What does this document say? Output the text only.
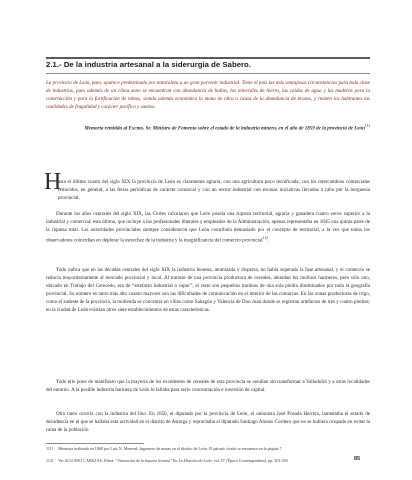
2.1.- De la industria artesanal a la siderurgia de Sabero.

La provincia de León, pues, aparece predestinada por naturaleza a un gran porvenir industrial. Tiene el país las más ventajosas circunstancias para toda clase de industrias, pues además de un clima sano se encuentran con abundancia de hullas, los minerales de hierro, las caídas de agua y las maderas para la construcción y para la fortificación de minas, siendo además económica la mano de obra a causa de la abundancia de brazos, y reúnen los habitantes las cualidades de frugalidad y carácter pacífico y sumiso.

Memoria remitida al Excmo. Sr. Ministro de Fomento sobre el estado de la industria minera, en el año de 1859 de la provincia de León$^{111}$

H

asta el último cuarto del siglo XIX la provincia de León es claramente agraria, con una agricultura poco tecnificada; con los intercambios comerciales reducidos, en general, a las ferias periódicas de carácter comarcal y con un sector industrial con escasas iniciativas llevadas a cabo por la burguesía provincial.

Durante los años centrales del siglo XIX, las Cortes calcularon que León poseía una riqueza territorial, agraria y ganadera cuatro veces superior a la industrial y comercial; esta última, que incluye a los profesionales liberales y empleados de la Administración, apenas representaba en 1845 una quinta parte de la riqueza total. Las autoridades provinciales siempre consideraron que León contribuía demasiado por el concepto de territorial, a la vez que todos los observadores coincidían en deplorar la estrechez de la industria y la insignificancia del comercio provincial$^{112}$.

Todo indica que en las décadas centrales del siglo XIX la industria leonesa, atomizada y dispersa, no había superado la fase artesanal, y el comercio se reducía mayoritariamente al mercado provincial y local. Al tratarse de una provincia productora de cereales, abundan los molinos harineros, pero sólo uno, ubicado en Trobajo del Cerecedo, era de “artefacto industrial a vapor”; el resto son pequeños molinos de una sola piedra diseminados por toda la geografía provincial. Su número es tanto más alto cuanto mayores son las dificultades de comunicación en el interior de las comarcas. En las zonas productoras de trigo, como el sudeste de la provincia, la molienda se concentra en villas como Sahagún y Valencia de Don Juan donde se registran artefactos de tres y cuatro piedras; en la ciudad de León existían otros siete establecimientos de estas características.

Todo ello pone de manifiesto que la mayoría de los excedentes de cereales de esta provincia se vendían sin transformar a Valladolid y a otras localidades del entorno. A la posible industria harinera de León le faltaba para serlo concentración e inversión de capital.

Otro tanto ocurría con la industria del lino. En 1850, el diputado por la provincia de León, el unionista José Posada Herrera, lamentaba el estado de decadencia en el que se hallaba esta actividad en el distrito de Astorga y reprochaba al diputado Santiago Alonso Cordero que no se hubiera ocupado en evitar la ruina de la población

111] Memoria realizada en 1860 por Luis N. Monreal, Ingeniero de minas en el distrito de León. El párrafo citado se encuentra en la página 7.

112] Ver AGUADO CABEZAS, Elena. “Valoración de la riqueza leonesa” En La Historia de León, vol. IV (Época Contemporánea), pp. 201-203.	85
